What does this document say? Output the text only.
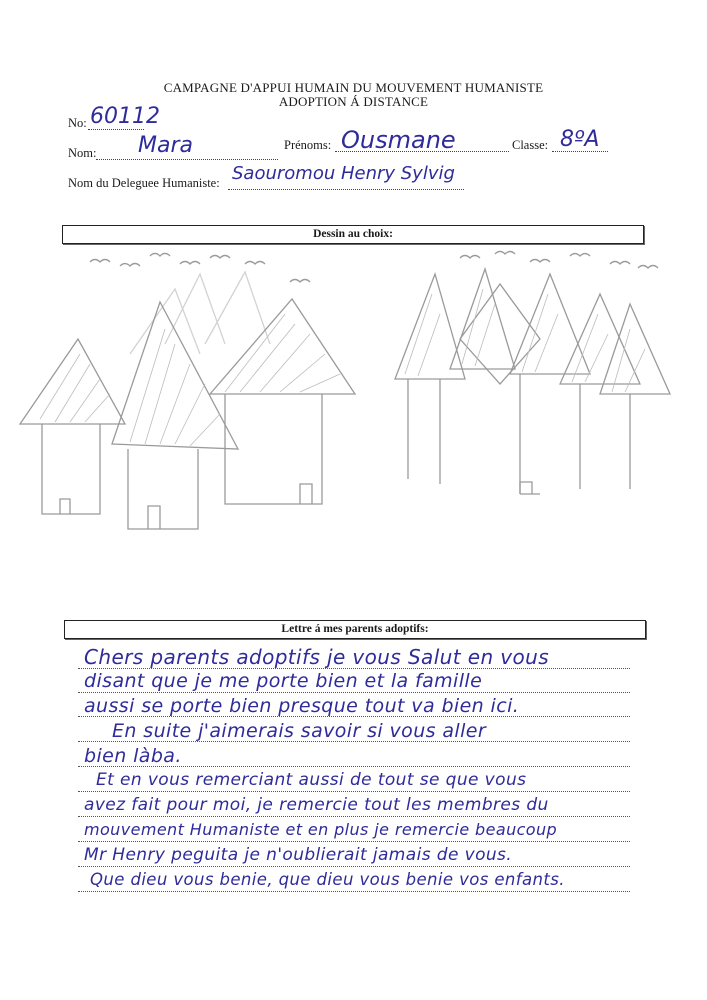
CAMPAGNE D'APPUI HUMAIN DU MOUVEMENT HUMANISTE
ADOPTION Á DISTANCE
No: 60112
Nom: Mara	Prénoms: Ousmane	Classe: 8ºA
Nom du Deleguee Humaniste: Saouromou Henry Sylvig
Dessin au choix:
Lettre á mes parents adoptifs:
Chers parents adoptifs je vous Salut en vous
disant que je me porte bien et la famille
aussi se porte bien presque tout va bien ici.
En suite j'aimerais savoir si vous aller
bien làba.
Et en vous remerciant aussi de tout se que vous
avez fait pour moi, je remercie tout les membres du
mouvement Humaniste et en plus je remercie beaucoup
Mr Henry peguita je n'oublierait jamais de vous.
Que dieu vous benie, que dieu vous benie vos enfants.
